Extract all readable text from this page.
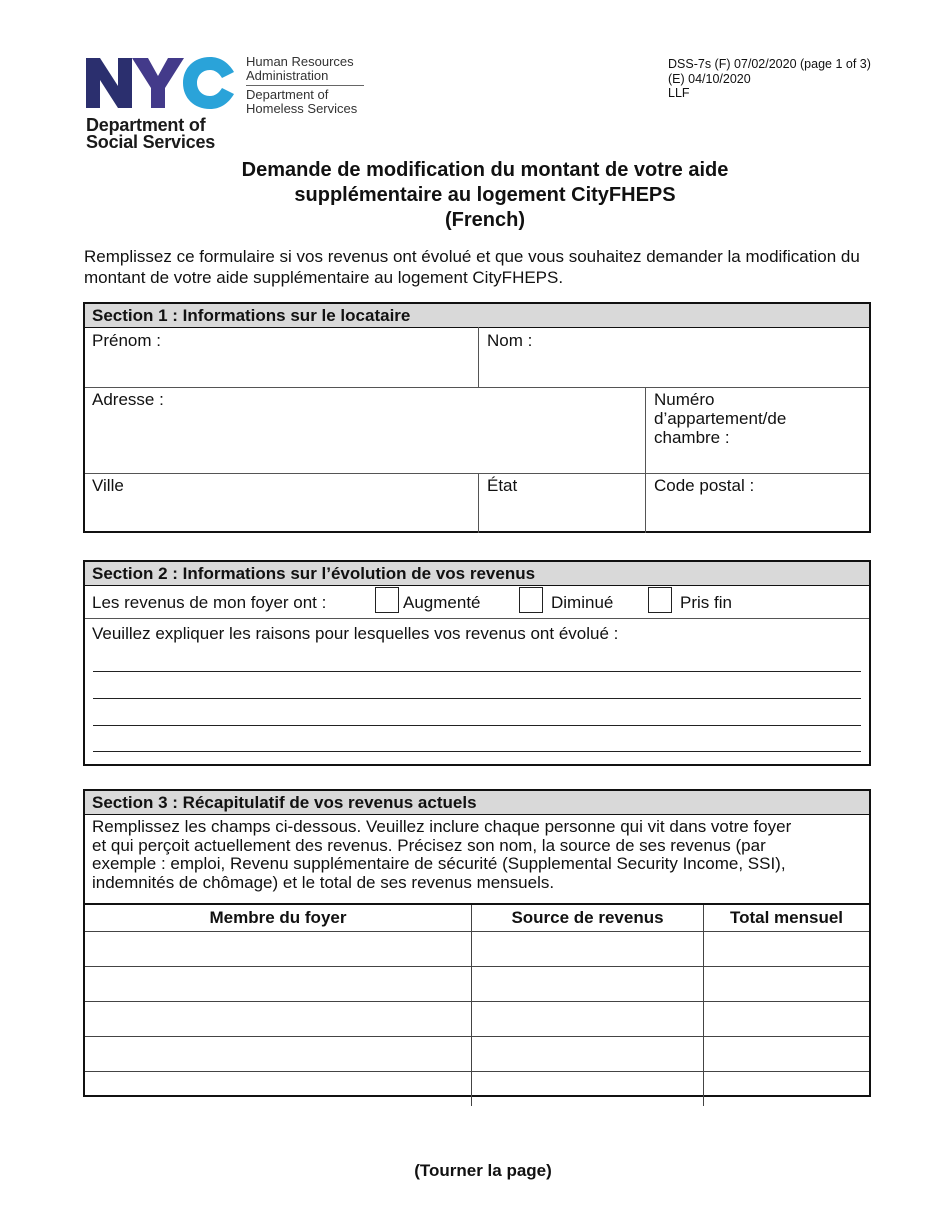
Human Resources
Administration
Department of
Homeless Services
Department of
Social Services
DSS-7s (F) 07/02/2020 (page 1 of 3)
(E) 04/10/2020
LLF
Demande de modification du montant de votre aide
supplémentaire au logement CityFHEPS
(French)
Remplissez ce formulaire si vos revenus ont évolué et que vous souhaitez demander la modification du montant de votre aide supplémentaire au logement CityFHEPS.
Section 1 : Informations sur le locataire
Prénom :	Nom :
Adresse :	Numéro
d’appartement/de
chambre :
Ville	État	Code postal :
Section 2 : Informations sur l’évolution de vos revenus
Les revenus de mon foyer ont :	Augmenté	Diminué	Pris fin
Veuillez expliquer les raisons pour lesquelles vos revenus ont évolué :
Section 3 : Récapitulatif de vos revenus actuels
Remplissez les champs ci-dessous. Veuillez inclure chaque personne qui vit dans votre foyer
et qui perçoit actuellement des revenus. Précisez son nom, la source de ses revenus (par
exemple : emploi, Revenu supplémentaire de sécurité (Supplemental Security Income, SSI),
indemnités de chômage) et le total de ses revenus mensuels.
Membre du foyer	Source de revenus	Total mensuel

(Tourner la page)
